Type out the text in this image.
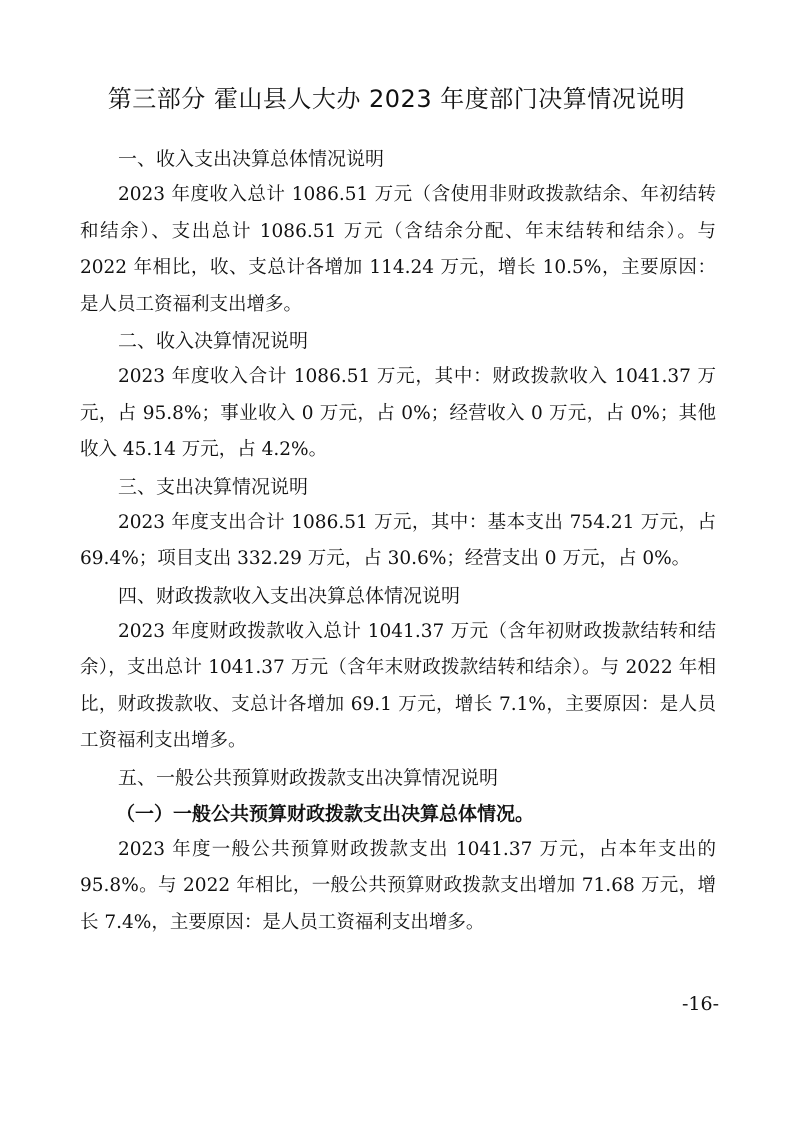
第三部分 霍山县人大办 2023 年度部门决算情况说明
一、收入支出决算总体情况说明

2023 年度收入总计 1086.51 万元（含使用非财政拨款结余、年初结转和结余）、支出总计 1086.51 万元（含结余分配、年末结转和结余）。与 2022 年相比，收、支总计各增加 114.24 万元，增长 10.5%，主要原因：是人员工资福利支出增多。

二、收入决算情况说明

2023 年度收入合计 1086.51 万元，其中：财政拨款收入 1041.37 万元，占 95.8%；事业收入 0 万元，占 0%；经营收入 0 万元，占 0%；其他收入 45.14 万元，占 4.2%。

三、支出决算情况说明

2023 年度支出合计 1086.51 万元，其中：基本支出 754.21 万元，占 69.4%；项目支出 332.29 万元，占 30.6%；经营支出 0 万元，占 0%。

四、财政拨款收入支出决算总体情况说明

2023 年度财政拨款收入总计 1041.37 万元（含年初财政拨款结转和结余），支出总计 1041.37 万元（含年末财政拨款结转和结余）。与 2022 年相比，财政拨款收、支总计各增加 69.1 万元，增长 7.1%，主要原因：是人员工资福利支出增多。

五、一般公共预算财政拨款支出决算情况说明
（一）一般公共预算财政拨款支出决算总体情况。

2023 年度一般公共预算财政拨款支出 1041.37 万元，占本年支出的 95.8%。与 2022 年相比，一般公共预算财政拨款支出增加 71.68 万元，增长 7.4%，主要原因：是人员工资福利支出增多。

-16-
